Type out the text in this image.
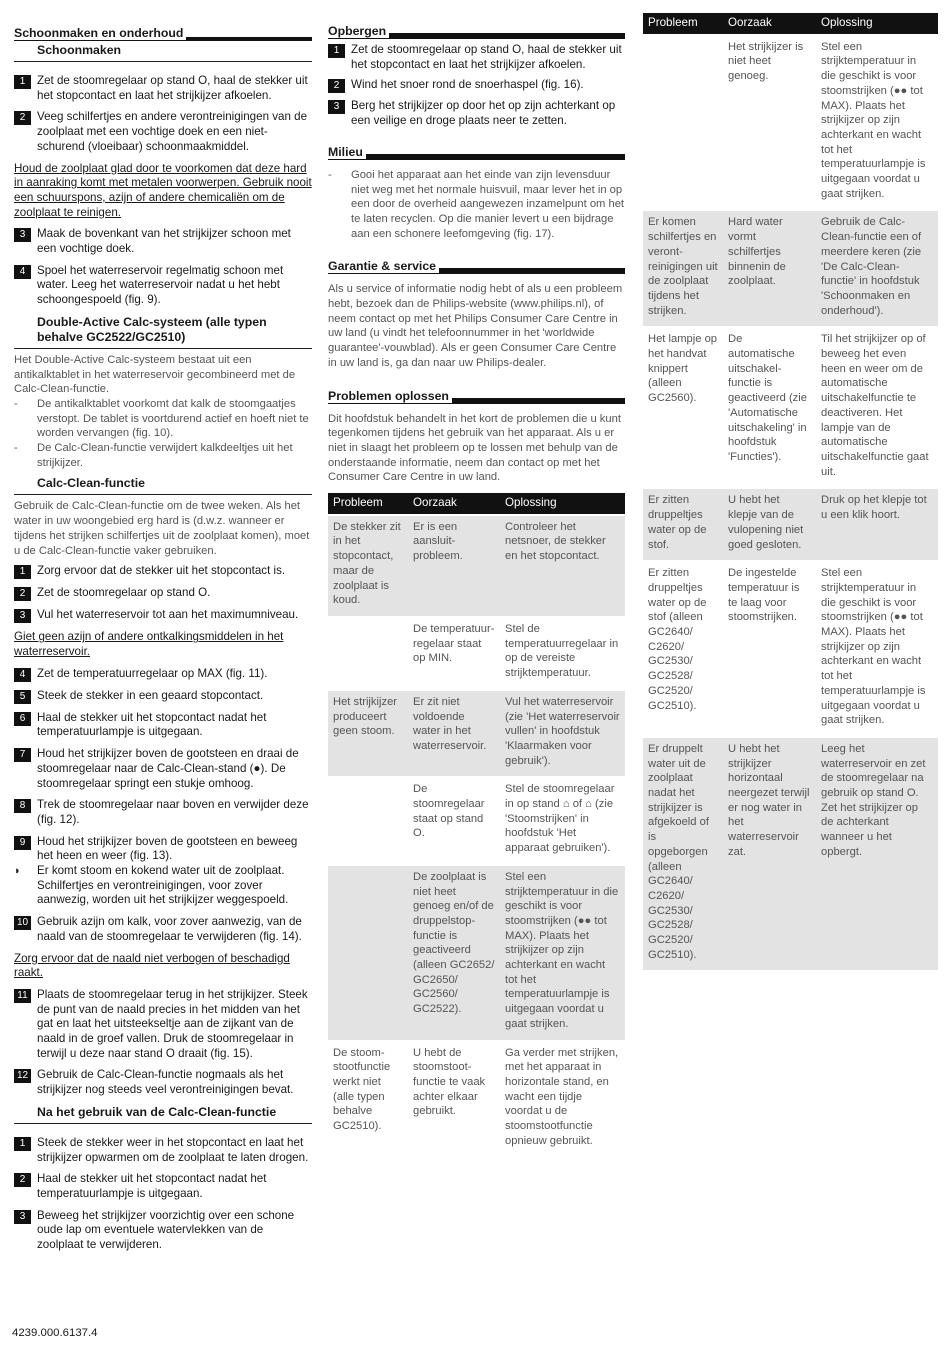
Schoonmaken en onderhoud
Schoonmaken
1	Zet de stoomregelaar op stand O, haal de stekker uit het stopcontact en laat het strijkijzer afkoelen.
2	Veeg schilfertjes en andere verontreinigingen van de zoolplaat met een vochtige doek en een niet-schurend (vloeibaar) schoonmaakmiddel.
Houd de zoolplaat glad door te voorkomen dat deze hard in aanraking komt met metalen voorwerpen. Gebruik nooit een schuurspons, azijn of andere chemicaliën om de zoolplaat te reinigen.
3	Maak de bovenkant van het strijkijzer schoon met een vochtige doek.
4	Spoel het waterreservoir regelmatig schoon met water. Leeg het waterreservoir nadat u het hebt schoongespoeld (fig. 9).
Double-Active Calc-systeem (alle typen behalve GC2522/GC2510)
Het Double-Active Calc-systeem bestaat uit een antikalktablet in het waterreservoir gecombineerd met de Calc-Clean-functie.
-	De antikalktablet voorkomt dat kalk de stoomgaatjes verstopt. De tablet is voortdurend actief en hoeft niet te worden vervangen (fig. 10).
-	De Calc-Clean-functie verwijdert kalkdeeltjes uit het strijkijzer.
Calc-Clean-functie
Gebruik de Calc-Clean-functie om de twee weken. Als het water in uw woongebied erg hard is (d.w.z. wanneer er tijdens het strijken schilfertjes uit de zoolplaat komen), moet u de Calc-Clean-functie vaker gebruiken.
1	Zorg ervoor dat de stekker uit het stopcontact is.
2	Zet de stoomregelaar op stand O.
3	Vul het waterreservoir tot aan het maximumniveau.
Giet geen azijn of andere ontkalkingsmiddelen in het waterreservoir.
4	Zet de temperatuurregelaar op MAX (fig. 11).
5	Steek de stekker in een geaard stopcontact.
6	Haal de stekker uit het stopcontact nadat het temperatuurlampje is uitgegaan.
7	Houd het strijkijzer boven de gootsteen en draai de stoomregelaar naar de Calc-Clean-stand (●). De stoomregelaar springt een stukje omhoog.
8	Trek de stoomregelaar naar boven en verwijder deze (fig. 12).
9	Houd het strijkijzer boven de gootsteen en beweeg het heen en weer (fig. 13).
◗	Er komt stoom en kokend water uit de zoolplaat. Schilfertjes en verontreinigingen, voor zover aanwezig, worden uit het strijkijzer weggespoeld.
10 Gebruik azijn om kalk, voor zover aanwezig, van de naald van de stoomregelaar te verwijderen (fig. 14).
Zorg ervoor dat de naald niet verbogen of beschadigd raakt.
11 Plaats de stoomregelaar terug in het strijkijzer. Steek de punt van de naald precies in het midden van het gat en laat het uitsteekseltje aan de zijkant van de naald in de groef vallen. Druk de stoomregelaar in terwijl u deze naar stand O draait (fig. 15).
12 Gebruik de Calc-Clean-functie nogmaals als het strijkijzer nog steeds veel verontreinigingen bevat.
Na het gebruik van de Calc-Clean-functie
1	Steek de stekker weer in het stopcontact en laat het strijkijzer opwarmen om de zoolplaat te laten drogen.
2	Haal de stekker uit het stopcontact nadat het temperatuurlampje is uitgegaan.
3	Beweeg het strijkijzer voorzichtig over een schone oude lap om eventuele watervlekken van de zoolplaat te verwijderen.
Opbergen
1	Zet de stoomregelaar op stand O, haal de stekker uit het stopcontact en laat het strijkijzer afkoelen.
2	Wind het snoer rond de snoerhaspel (fig. 16).
3	Berg het strijkijzer op door het op zijn achterkant op een veilige en droge plaats neer te zetten.
Milieu
-	Gooi het apparaat aan het einde van zijn levensduur niet weg met het normale huisvuil, maar lever het in op een door de overheid aangewezen inzamelpunt om het te laten recyclen. Op die manier levert u een bijdrage aan een schonere leefomgeving (fig. 17).
Garantie & service
Als u service of informatie nodig hebt of als u een probleem hebt, bezoek dan de Philips-website (www.philips.nl), of neem contact op met het Philips Consumer Care Centre in uw land (u vindt het telefoonnummer in het 'worldwide guarantee'-vouwblad). Als er geen Consumer Care Centre in uw land is, ga dan naar uw Philips-dealer.
Problemen oplossen
Dit hoofdstuk behandelt in het kort de problemen die u kunt tegenkomen tijdens het gebruik van het apparaat. Als u er niet in slaagt het probleem op te lossen met behulp van de onderstaande informatie, neem dan contact op met het Consumer Care Centre in uw land.
Probleem	Oorzaak	Oplossing
De stekker zit in het stopcontact, maar de zoolplaat is koud.	Er is een aansluit-probleem.	Controleer het netsnoer, de stekker en het stopcontact.
	De temperatuur-regelaar staat op MIN.	Stel de temperatuurregelaar in op de vereiste strijktemperatuur.
Het strijkijzer produceert geen stoom.	Er zit niet voldoende water in het waterreservoir.	Vul het waterreservoir (zie 'Het waterreservoir vullen' in hoofdstuk 'Klaarmaken voor gebruik').
	De stoomregelaar staat op stand O.	Stel de stoomregelaar in op stand ⌂ of ⌂ (zie 'Stoomstrijken' in hoofdstuk 'Het apparaat gebruiken').
	De zoolplaat is niet heet genoeg en/of de druppelstop-functie is geactiveerd (alleen GC2652/ GC2650/ GC2560/ GC2522).	Stel een strijktemperatuur in die geschikt is voor stoomstrijken (●● tot MAX). Plaats het strijkijzer op zijn achterkant en wacht tot het temperatuurlampje is uitgegaan voordat u gaat strijken.
De stoom-stootfunctie werkt niet (alle typen behalve GC2510).	U hebt de stoomstoot-functie te vaak achter elkaar gebruikt.	Ga verder met strijken, met het apparaat in horizontale stand, en wacht een tijdje voordat u de stoomstootfunctie opnieuw gebruikt.
Probleem	Oorzaak	Oplossing
	Het strijkijzer is niet heet genoeg.	Stel een strijktemperatuur in die geschikt is voor stoomstrijken (●● tot MAX). Plaats het strijkijzer op zijn achterkant en wacht tot het temperatuurlampje is uitgegaan voordat u gaat strijken.
Er komen schilfertjes en veront-reinigingen uit de zoolplaat tijdens het strijken.	Hard water vormt schilfertjes binnenin de zoolplaat.	Gebruik de Calc-Clean-functie een of meerdere keren (zie 'De Calc-Clean-functie' in hoofdstuk 'Schoonmaken en onderhoud').
Het lampje op het handvat knippert (alleen GC2560).	De automatische uitschakel-functie is geactiveerd (zie 'Automatische uitschakeling' in hoofdstuk 'Functies').	Til het strijkijzer op of beweeg het even heen en weer om de automatische uitschakelfunctie te deactiveren. Het lampje van de automatische uitschakelfunctie gaat uit.
Er zitten druppeltjes water op de stof.	U hebt het klepje van de vulopening niet goed gesloten.	Druk op het klepje tot u een klik hoort.
Er zitten druppeltjes water op de stof (alleen GC2640/ C2620/ GC2530/ GC2528/ GC2520/ GC2510).	De ingestelde temperatuur is te laag voor stoomstrijken.	Stel een strijktemperatuur in die geschikt is voor stoomstrijken (●● tot MAX). Plaats het strijkijzer op zijn achterkant en wacht tot het temperatuurlampje is uitgegaan voordat u gaat strijken.
Er druppelt water uit de zoolplaat nadat het strijkijzer is afgekoeld of is opgeborgen (alleen GC2640/ C2620/ GC2530/ GC2528/ GC2520/ GC2510).	U hebt het strijkijzer horizontaal neergezet terwijl er nog water in het waterreservoir zat.	Leeg het waterreservoir en zet de stoomregelaar na gebruik op stand O. Zet het strijkijzer op de achterkant wanneer u het opbergt.
4239.000.6137.4
